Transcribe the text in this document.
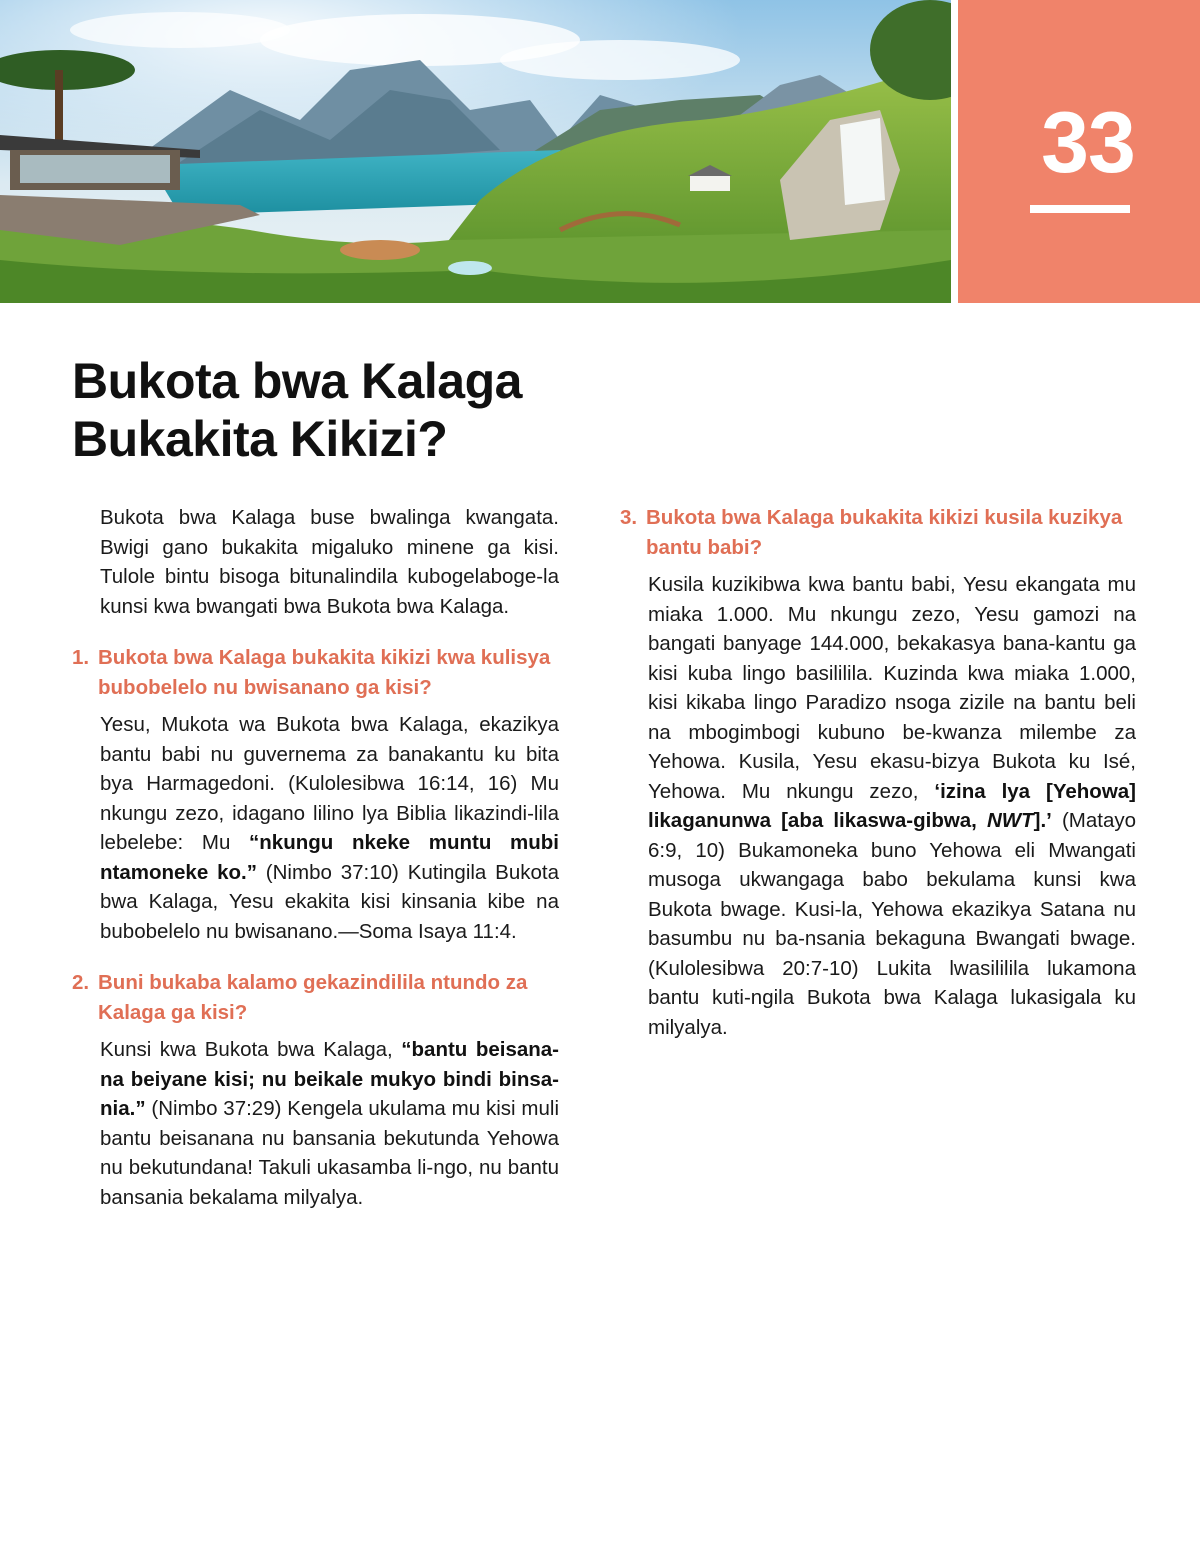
33
Bukota bwa Kalaga
Bukakita Kikizi?

Bukota bwa Kalaga buse bwalinga kwangata. Bwigi gano bukakita migaluko minene ga kisi. Tulole bintu bisoga bitunalindila kubogelaboge-la kunsi kwa bwangati bwa Bukota bwa Kalaga.

1. Bukota bwa Kalaga bukakita kikizi kwa kulisya bubobelelo nu bwisanano ga kisi?

Yesu, Mukota wa Bukota bwa Kalaga, ekazikya bantu babi nu guvernema za banakantu ku bita bya Harmagedoni. (Kulolesibwa 16:14, 16) Mu nkungu zezo, idagano lilino lya Biblia likazindi-lila lebelebe: Mu “nkungu nkeke muntu mubi ntamoneke ko.” (Nimbo 37:10) Kutingila Bukota bwa Kalaga, Yesu ekakita kisi kinsania kibe na bubobelelo nu bwisanano.—Soma Isaya 11:4.

2. Buni bukaba kalamo gekazindilila ntundo za Kalaga ga kisi?

Kunsi kwa Bukota bwa Kalaga, “bantu beisana-na beiyane kisi; nu beikale mukyo bindi binsa-nia.” (Nimbo 37:29) Kengela ukulama mu kisi muli bantu beisanana nu bansania bekutunda Yehowa nu bekutundana! Takuli ukasamba li-ngo, nu bantu bansania bekalama milyalya.

3. Bukota bwa Kalaga bukakita kikizi kusila kuzikya bantu babi?

Kusila kuzikibwa kwa bantu babi, Yesu ekangata mu miaka 1.000. Mu nkungu zezo, Yesu gamozi na bangati banyage 144.000, bekakasya bana-kantu ga kisi kuba lingo basilililа. Kuzinda kwa miaka 1.000, kisi kikaba lingo Paradizo nsoga zizile na bantu beli na mbogimbogi kubuno be-kwanza milembe za Yehowa. Kusila, Yesu ekasu-bizya Bukota ku Isé, Yehowa. Mu nkungu zezo, ‘izina lya [Yehowa] likaganunwa [aba likaswa-gibwa, NWT].’ (Matayo 6:9, 10) Bukamoneka buno Yehowa eli Mwangati musoga ukwangaga babo bekulama kunsi kwa Bukota bwage. Kusi-la, Yehowa ekazikya Satana nu basumbu nu ba-nsania bekaguna Bwangati bwage. (Kulolesibwa 20:7-10) Lukita lwasilililа lukamona bantu kuti-ngila Bukota bwa Kalaga lukasigala ku milyalya.
